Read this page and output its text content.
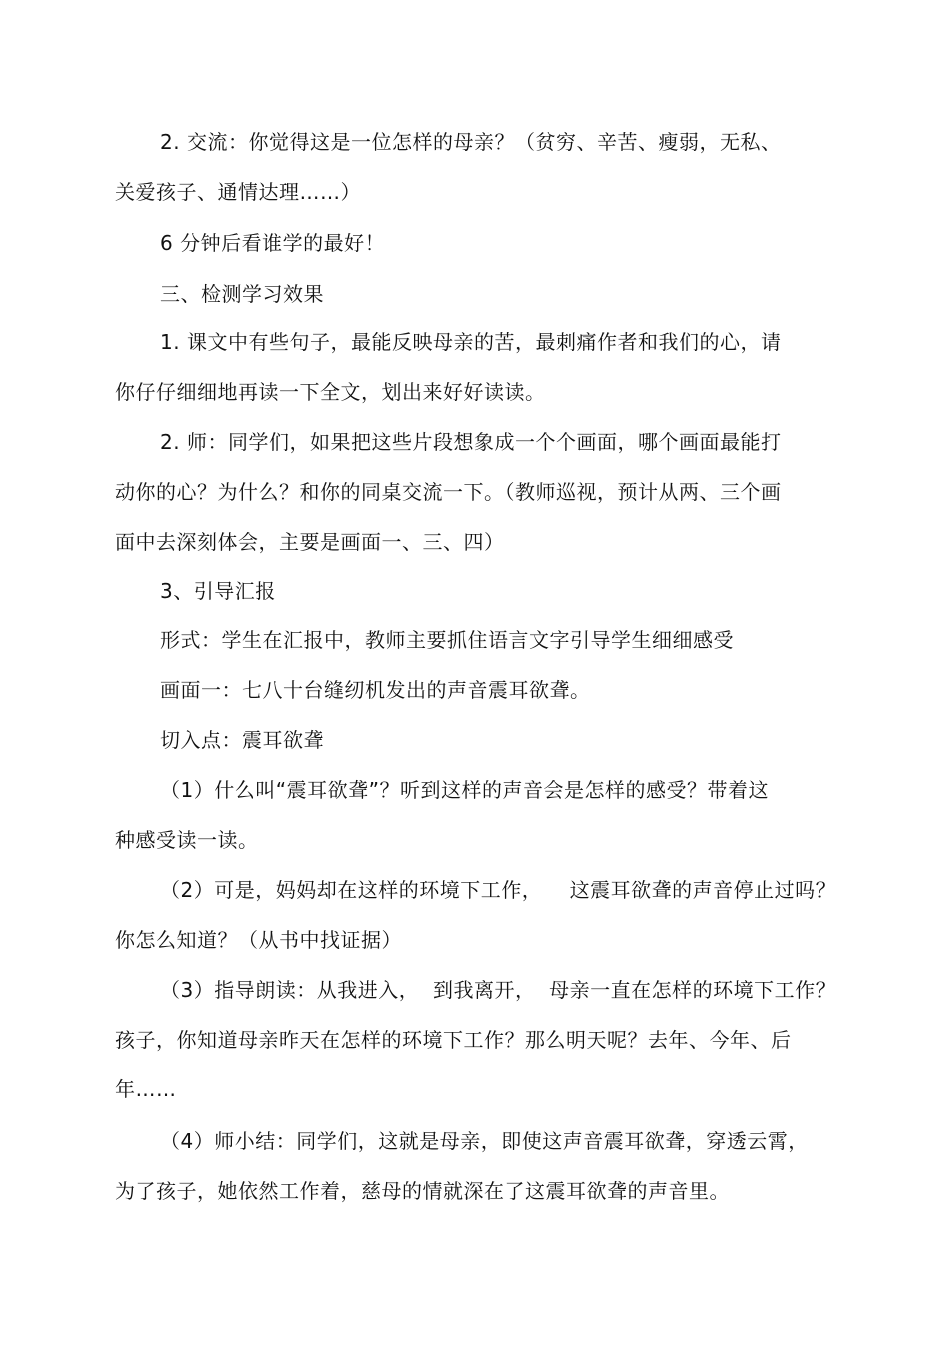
2. 交流：你觉得这是一位怎样的母亲？（贫穷、辛苦、瘦弱，无私、
关爱孩子、通情达理……）
6 分钟后看谁学的最好！
三、检测学习效果
1. 课文中有些句子，最能反映母亲的苦，最刺痛作者和我们的心，请
你仔仔细细地再读一下全文，划出来好好读读。
2. 师：同学们，如果把这些片段想象成一个个画面，哪个画面最能打
动你的心？为什么？和你的同桌交流一下。（教师巡视，预计从两、三个画
面中去深刻体会，主要是画面一、三、四）
3、引导汇报
形式：学生在汇报中，教师主要抓住语言文字引导学生细细感受
画面一：七八十台缝纫机发出的声音震耳欲聋。
切入点：震耳欲聋
（1）什么叫“震耳欲聋”？听到这样的声音会是怎样的感受？带着这
种感受读一读。
（2）可是，妈妈却在这样的环境下工作，    这震耳欲聋的声音停止过吗？
你怎么知道？（从书中找证据）
（3）指导朗读：从我进入，  到我离开，  母亲一直在怎样的环境下工作？
孩子，你知道母亲昨天在怎样的环境下工作？那么明天呢？去年、今年、后
年……
（4）师小结：同学们，这就是母亲，即使这声音震耳欲聋，穿透云霄，
为了孩子，她依然工作着，慈母的情就深在了这震耳欲聋的声音里。
